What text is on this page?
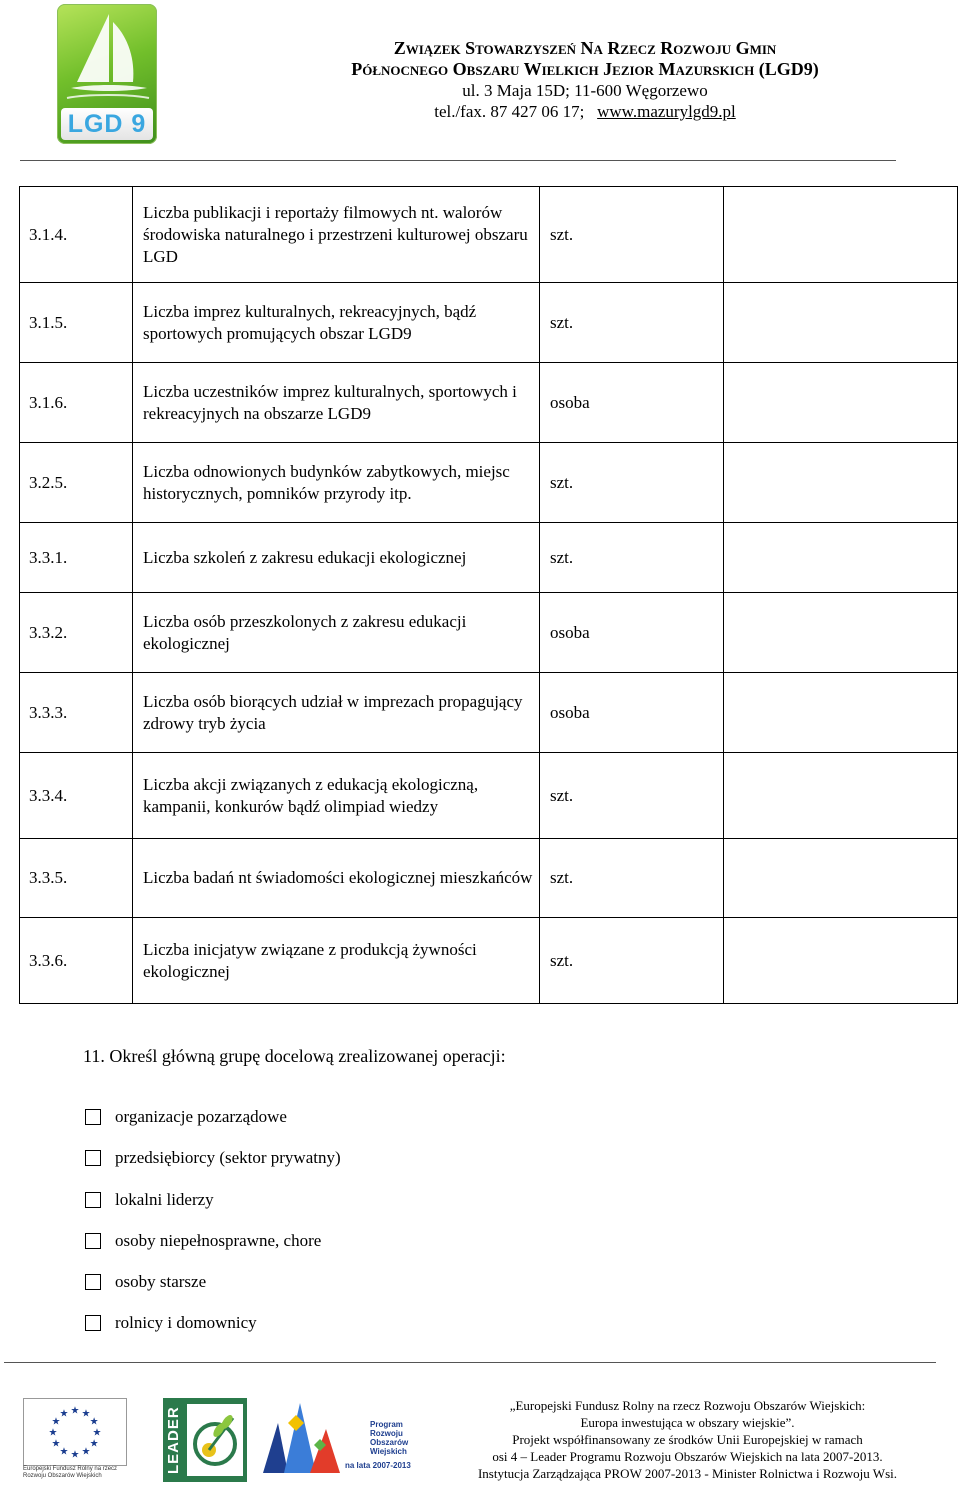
LGD 9
Związek Stowarzyszeń Na Rzecz Rozwoju Gmin
Północnego Obszaru Wielkich Jezior Mazurskich (LGD9)
ul. 3 Maja 15D; 11-600 Węgorzewo
tel./fax. 87 427 06 17; www.mazurylgd9.pl
3.1.4.	Liczba publikacji i reportaży filmowych nt. walorów środowiska naturalnego i przestrzeni kulturowej obszaru LGD	szt.	
3.1.5.	Liczba imprez kulturalnych, rekreacyjnych, bądź sportowych promujących obszar LGD9	szt.	
3.1.6.	Liczba uczestników imprez kulturalnych, sportowych i rekreacyjnych na obszarze LGD9	osoba	
3.2.5.	Liczba odnowionych budynków zabytkowych, miejsc historycznych, pomników przyrody itp.	szt.	
3.3.1.	Liczba szkoleń z zakresu edukacji ekologicznej	szt.	
3.3.2.	Liczba osób przeszkolonych z zakresu edukacji ekologicznej	osoba	
3.3.3.	Liczba osób biorących udział w imprezach propagujący zdrowy tryb życia	osoba	
3.3.4.	Liczba akcji związanych z edukacją ekologiczną, kampanii, konkurów bądź olimpiad wiedzy	szt.	
3.3.5.	Liczba badań nt świadomości ekologicznej mieszkańców	szt.	
3.3.6.	Liczba inicjatyw związane z produkcją żywności ekologicznej	szt.	
11. Określ główną grupę docelową zrealizowanej operacji:
organizacje pozarządowe
przedsiębiorcy (sektor prywatny)
lokalni liderzy
osoby niepełnosprawne, chore
osoby starsze
rolnicy i domownicy
★ ★
★
★
★
★
★
★
★
★
★
★
Europejski Fundusz Rolny na rzecz Rozwoju Obszarów Wiejskich
LEADER	Program Rozwoju Obszarów Wiejskich
na lata 2007-2013
„Europejski Fundusz Rolny na rzecz Rozwoju Obszarów Wiejskich:
Europa inwestująca w obszary wiejskie”.
Projekt współfinansowany ze środków Unii Europejskiej w ramach
osi 4 – Leader Programu Rozwoju Obszarów Wiejskich na lata 2007-2013.
Instytucja Zarządzająca PROW 2007-2013 - Minister Rolnictwa i Rozwoju Wsi.
